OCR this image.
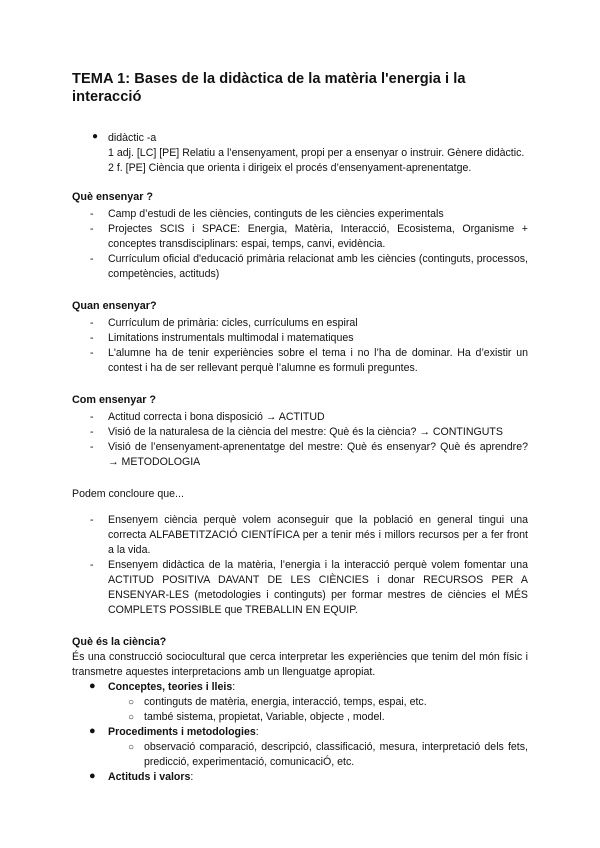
TEMA 1: Bases de la didàctica de la matèria l'energia i la interacció
● didàctic -a
1 adj. [LC] [PE] Relatiu a l’ensenyament, propi per a ensenyar o instruir. Gènere didàctic.
2 f. [PE] Ciència que orienta i dirigeix el procés d’ensenyament-aprenentatge.

Què ensenyar ?

- Camp d’estudi de les ciències, continguts de les ciències experimentals
- Projectes SCIS i SPACE: Energia, Matèria, Interacció, Ecosistema, Organisme + conceptes transdisciplinars: espai, temps, canvi, evidència.
- Currículum oficial d'educació primària relacionat amb les ciències (continguts, processos, competències, actituds)

Quan ensenyar?

- Currículum de primària: cicles, currículums en espiral
- Limitations instrumentals multimodal i matematiques
- L'alumne ha de tenir experiències sobre el tema i no l’ha de dominar. Ha d’existir un contest i ha de ser rellevant perquè l’alumne es formuli preguntes.

Com ensenyar ?

- Actitud correcta i bona disposició → ACTITUD
- Visió de la naturalesa de la ciència del mestre: Què és la ciència? → CONTINGUTS
- Visió de l’ensenyament-aprenentatge del mestre: Què és ensenyar? Què és aprendre? → METODOLOGIA

Podem concloure que...

- Ensenyem ciència perquè volem aconseguir que la població en general tingui una correcta ALFABETITZACIÓ CIENTÍFICA per a tenir més i millors recursos per a fer front a la vida.
- Ensenyem didàctica de la matèria, l’energia i la interacció perquè volem fomentar una ACTITUD POSITIVA DAVANT DE LES CIÈNCIES i donar RECURSOS PER A ENSENYAR-LES (metodologies i continguts) per formar mestres de ciències el MÉS COMPLETS POSSIBLE que TREBALLIN EN EQUIP.

Què és la ciència?

És una construcció sociocultural que cerca interpretar les experiències que tenim del món físic i transmetre aquestes interpretacions amb un llenguatge apropiat.

● Conceptes, teories i lleis:
○ continguts de matèria, energia, interacció, temps, espai, etc.
○ també sistema, propietat, Variable, objecte , model.
● Procediments i metodologies:
○ observació comparació, descripció, classificació, mesura, interpretació dels fets, predicció, experimentació, comunicaciÓ, etc.
● Actituds i valors:
